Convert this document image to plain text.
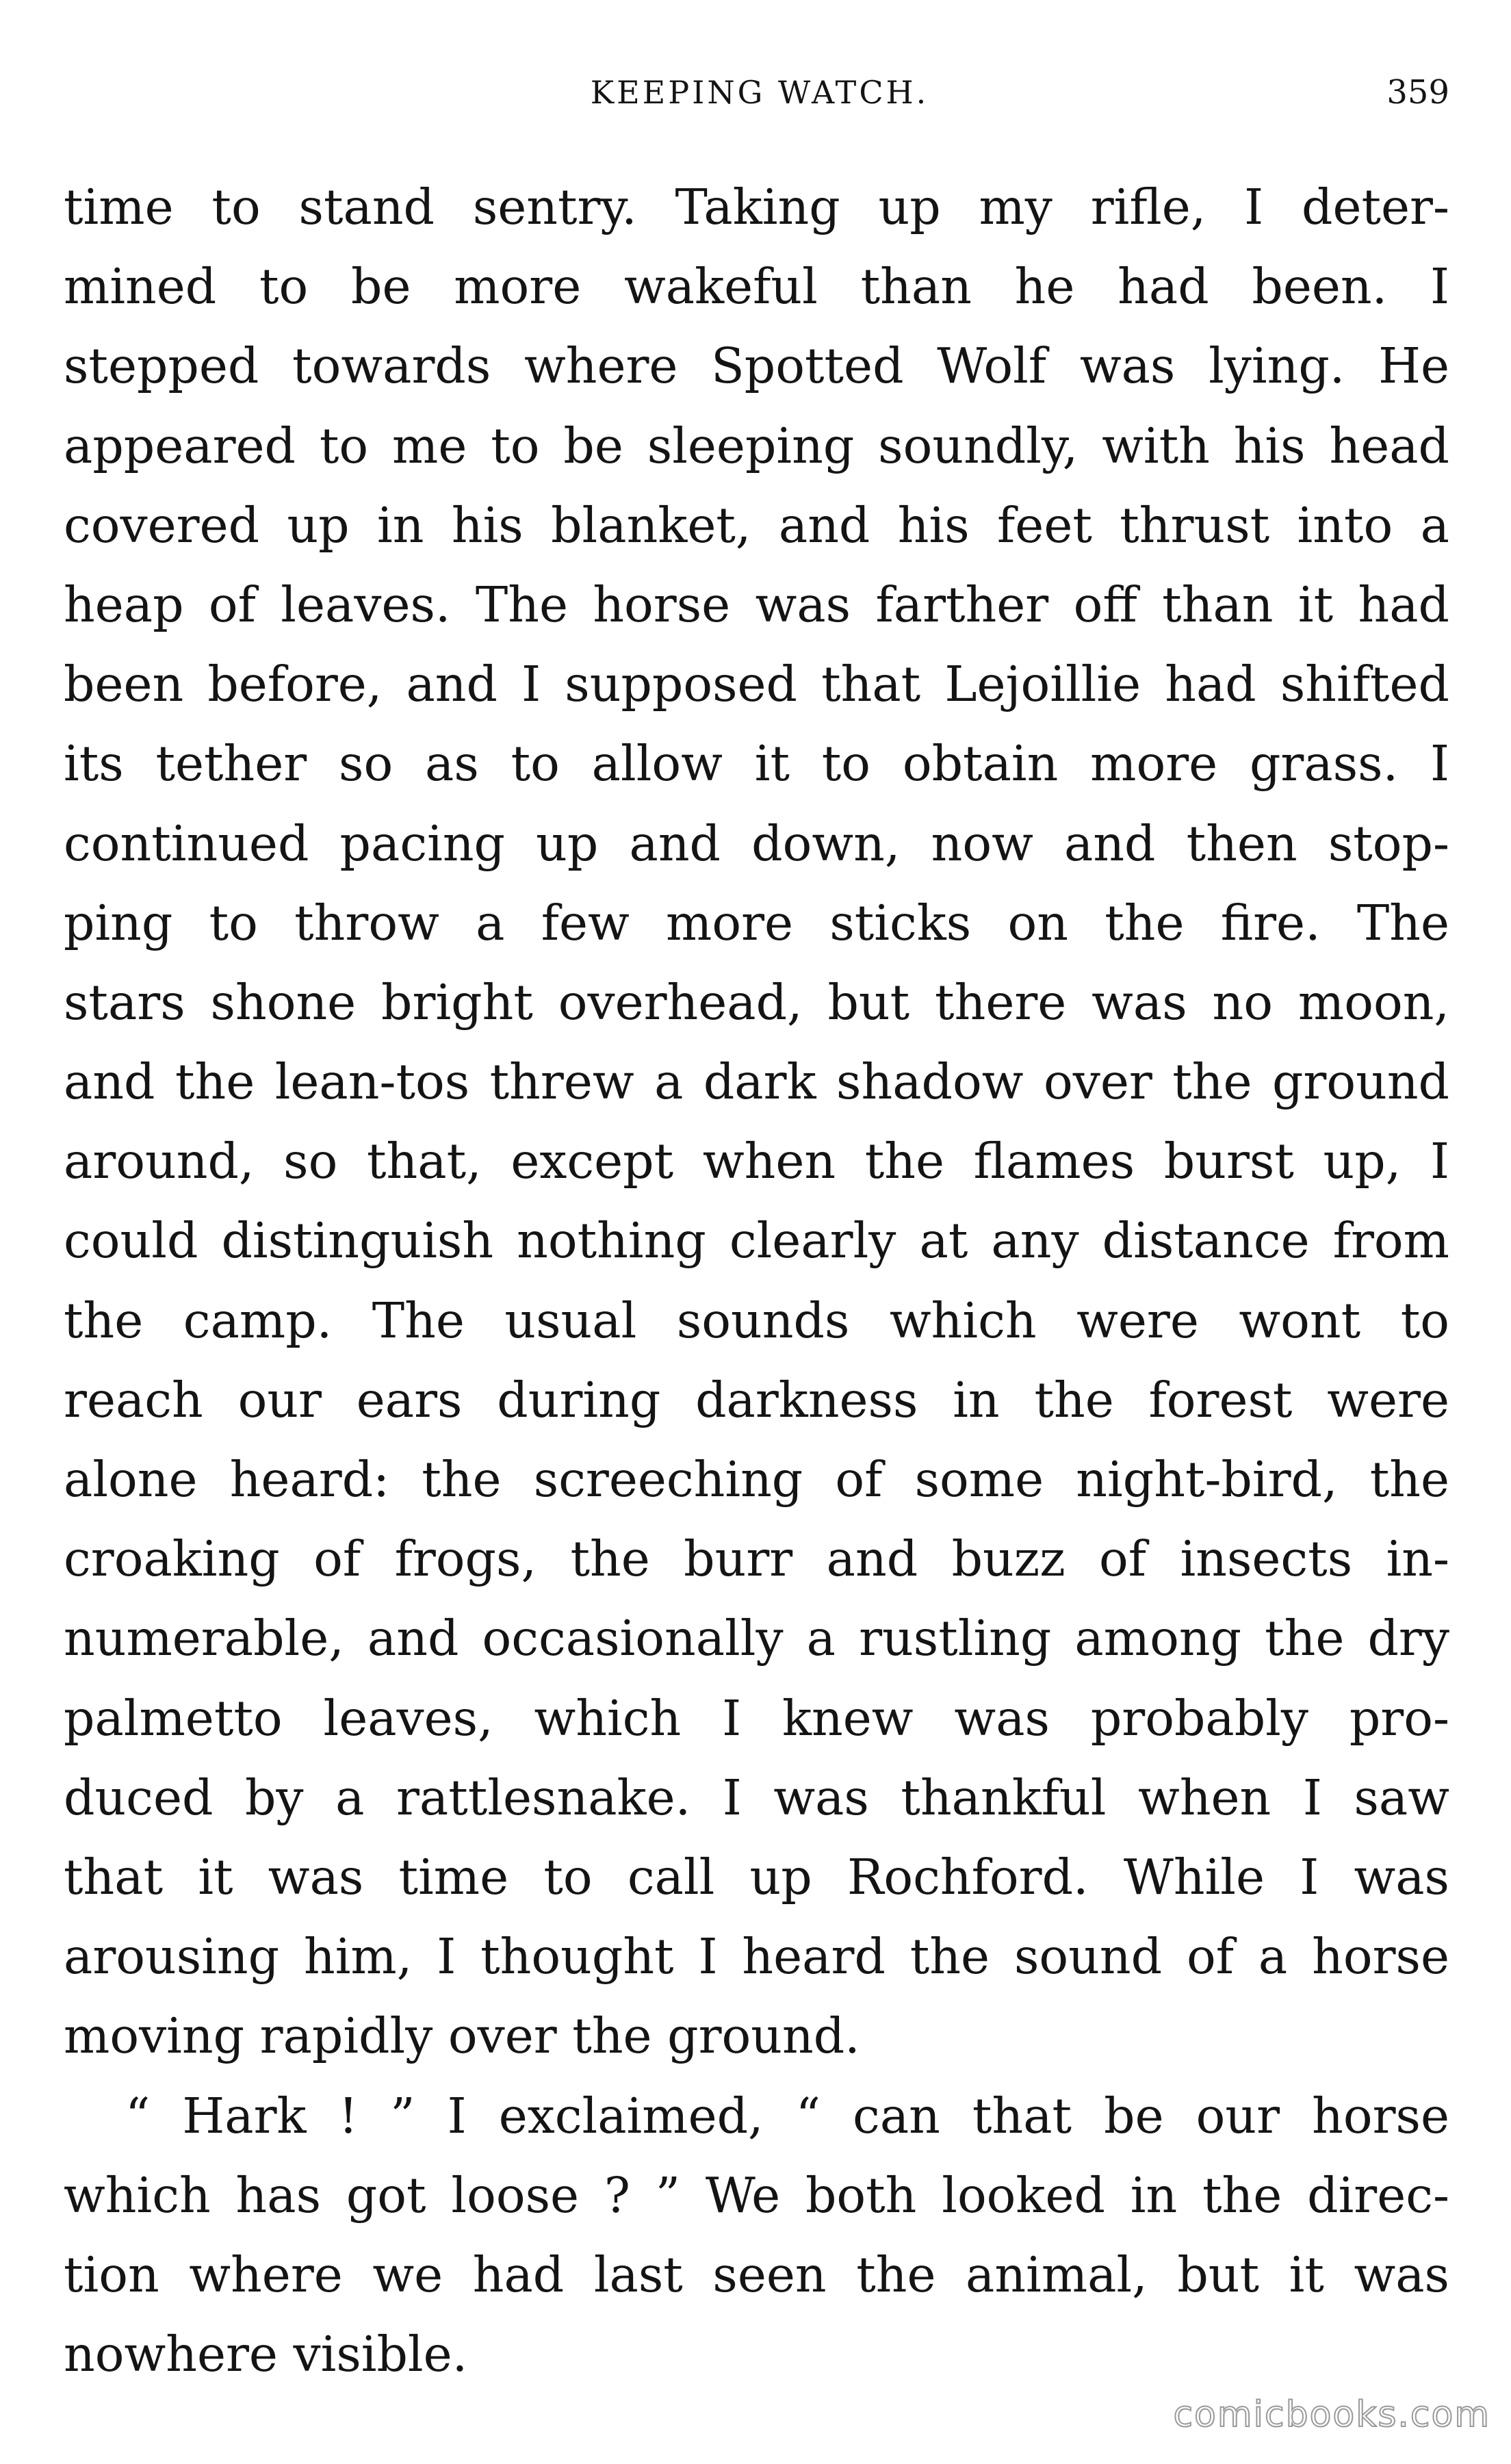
KEEPING WATCH.	359
time to stand sentry. Taking up my rifle, I deter-
mined to be more wakeful than he had been. I
stepped towards where Spotted Wolf was lying. He
appeared to me to be sleeping soundly, with his head
covered up in his blanket, and his feet thrust into a
heap of leaves. The horse was farther off than it had
been before, and I supposed that Lejoillie had shifted
its tether so as to allow it to obtain more grass. I
continued pacing up and down, now and then stop-
ping to throw a few more sticks on the fire. The
stars shone bright overhead, but there was no moon,
and the lean-tos threw a dark shadow over the ground
around, so that, except when the flames burst up, I
could distinguish nothing clearly at any distance from
the camp. The usual sounds which were wont to
reach our ears during darkness in the forest were
alone heard: the screeching of some night-bird, the
croaking of frogs, the burr and buzz of insects in-
numerable, and occasionally a rustling among the dry
palmetto leaves, which I knew was probably pro-
duced by a rattlesnake. I was thankful when I saw
that it was time to call up Rochford. While I was
arousing him, I thought I heard the sound of a horse
moving rapidly over the ground.
“ Hark ! ” I exclaimed, “ can that be our horse
which has got loose ? ” We both looked in the direc-
tion where we had last seen the animal, but it was
nowhere visible.
comicbooks.com
